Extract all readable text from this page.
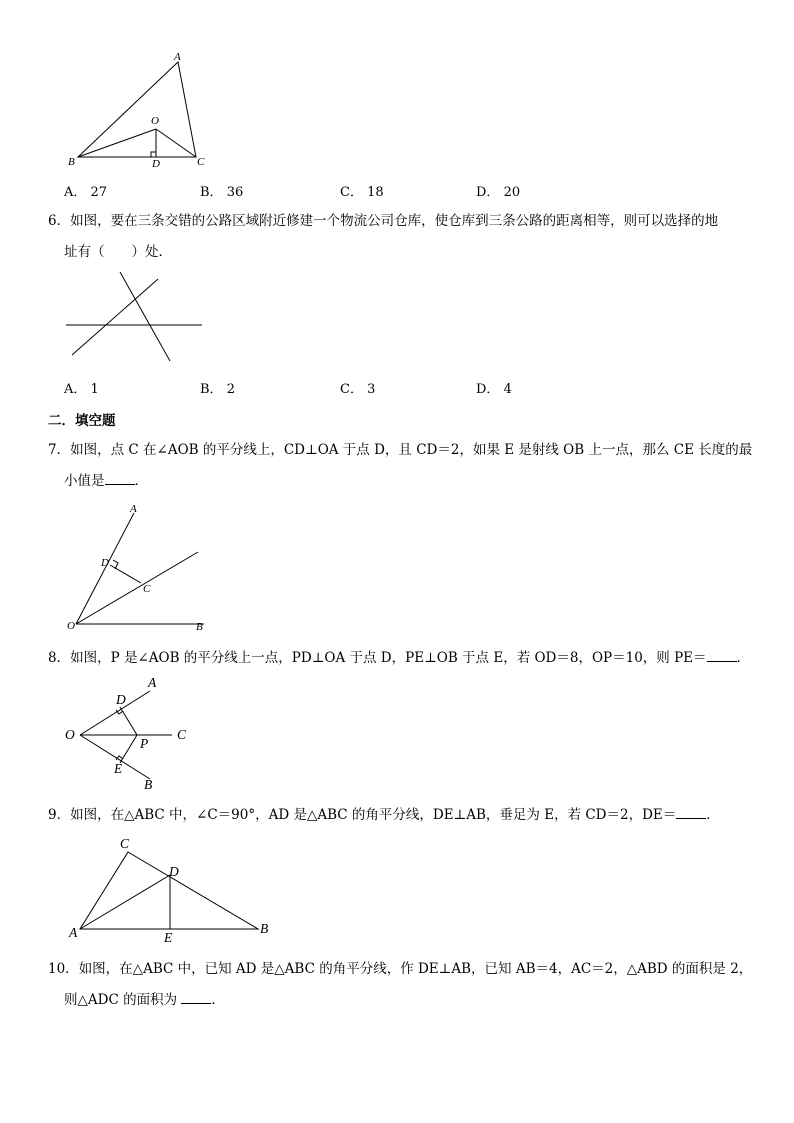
A
O
B	D	C
A． 27	B． 36	C． 18	D． 20
6．如图，要在三条交错的公路区域附近修建一个物流公司仓库，使仓库到三条公路的距离相等，则可以选择的地
址有（　　）处．
A． 1	B． 2	C． 3	D． 4
二．填空题
7．如图，点 C 在∠AOB 的平分线上，CD⊥OA 于点 D，且 CD＝2，如果 E 是射线 OB 上一点，那么 CE 长度的最
小值是 ．
A
D
C
O	B
8．如图，P 是∠AOB 的平分线上一点，PD⊥OA 于点 D，PE⊥OB 于点 E，若 OD＝8，OP＝10，则 PE＝ ．
A
D
O
P
C
E
B
9．如图，在△ABC 中，∠C＝90°，AD 是△ABC 的角平分线，DE⊥AB，垂足为 E，若 CD＝2，DE＝ ．
C
D
A	E
B
10．如图，在△ABC 中，已知 AD 是△ABC 的角平分线，作 DE⊥AB，已知 AB＝4，AC＝2，△ABD 的面积是 2，
则△ADC 的面积为	．
